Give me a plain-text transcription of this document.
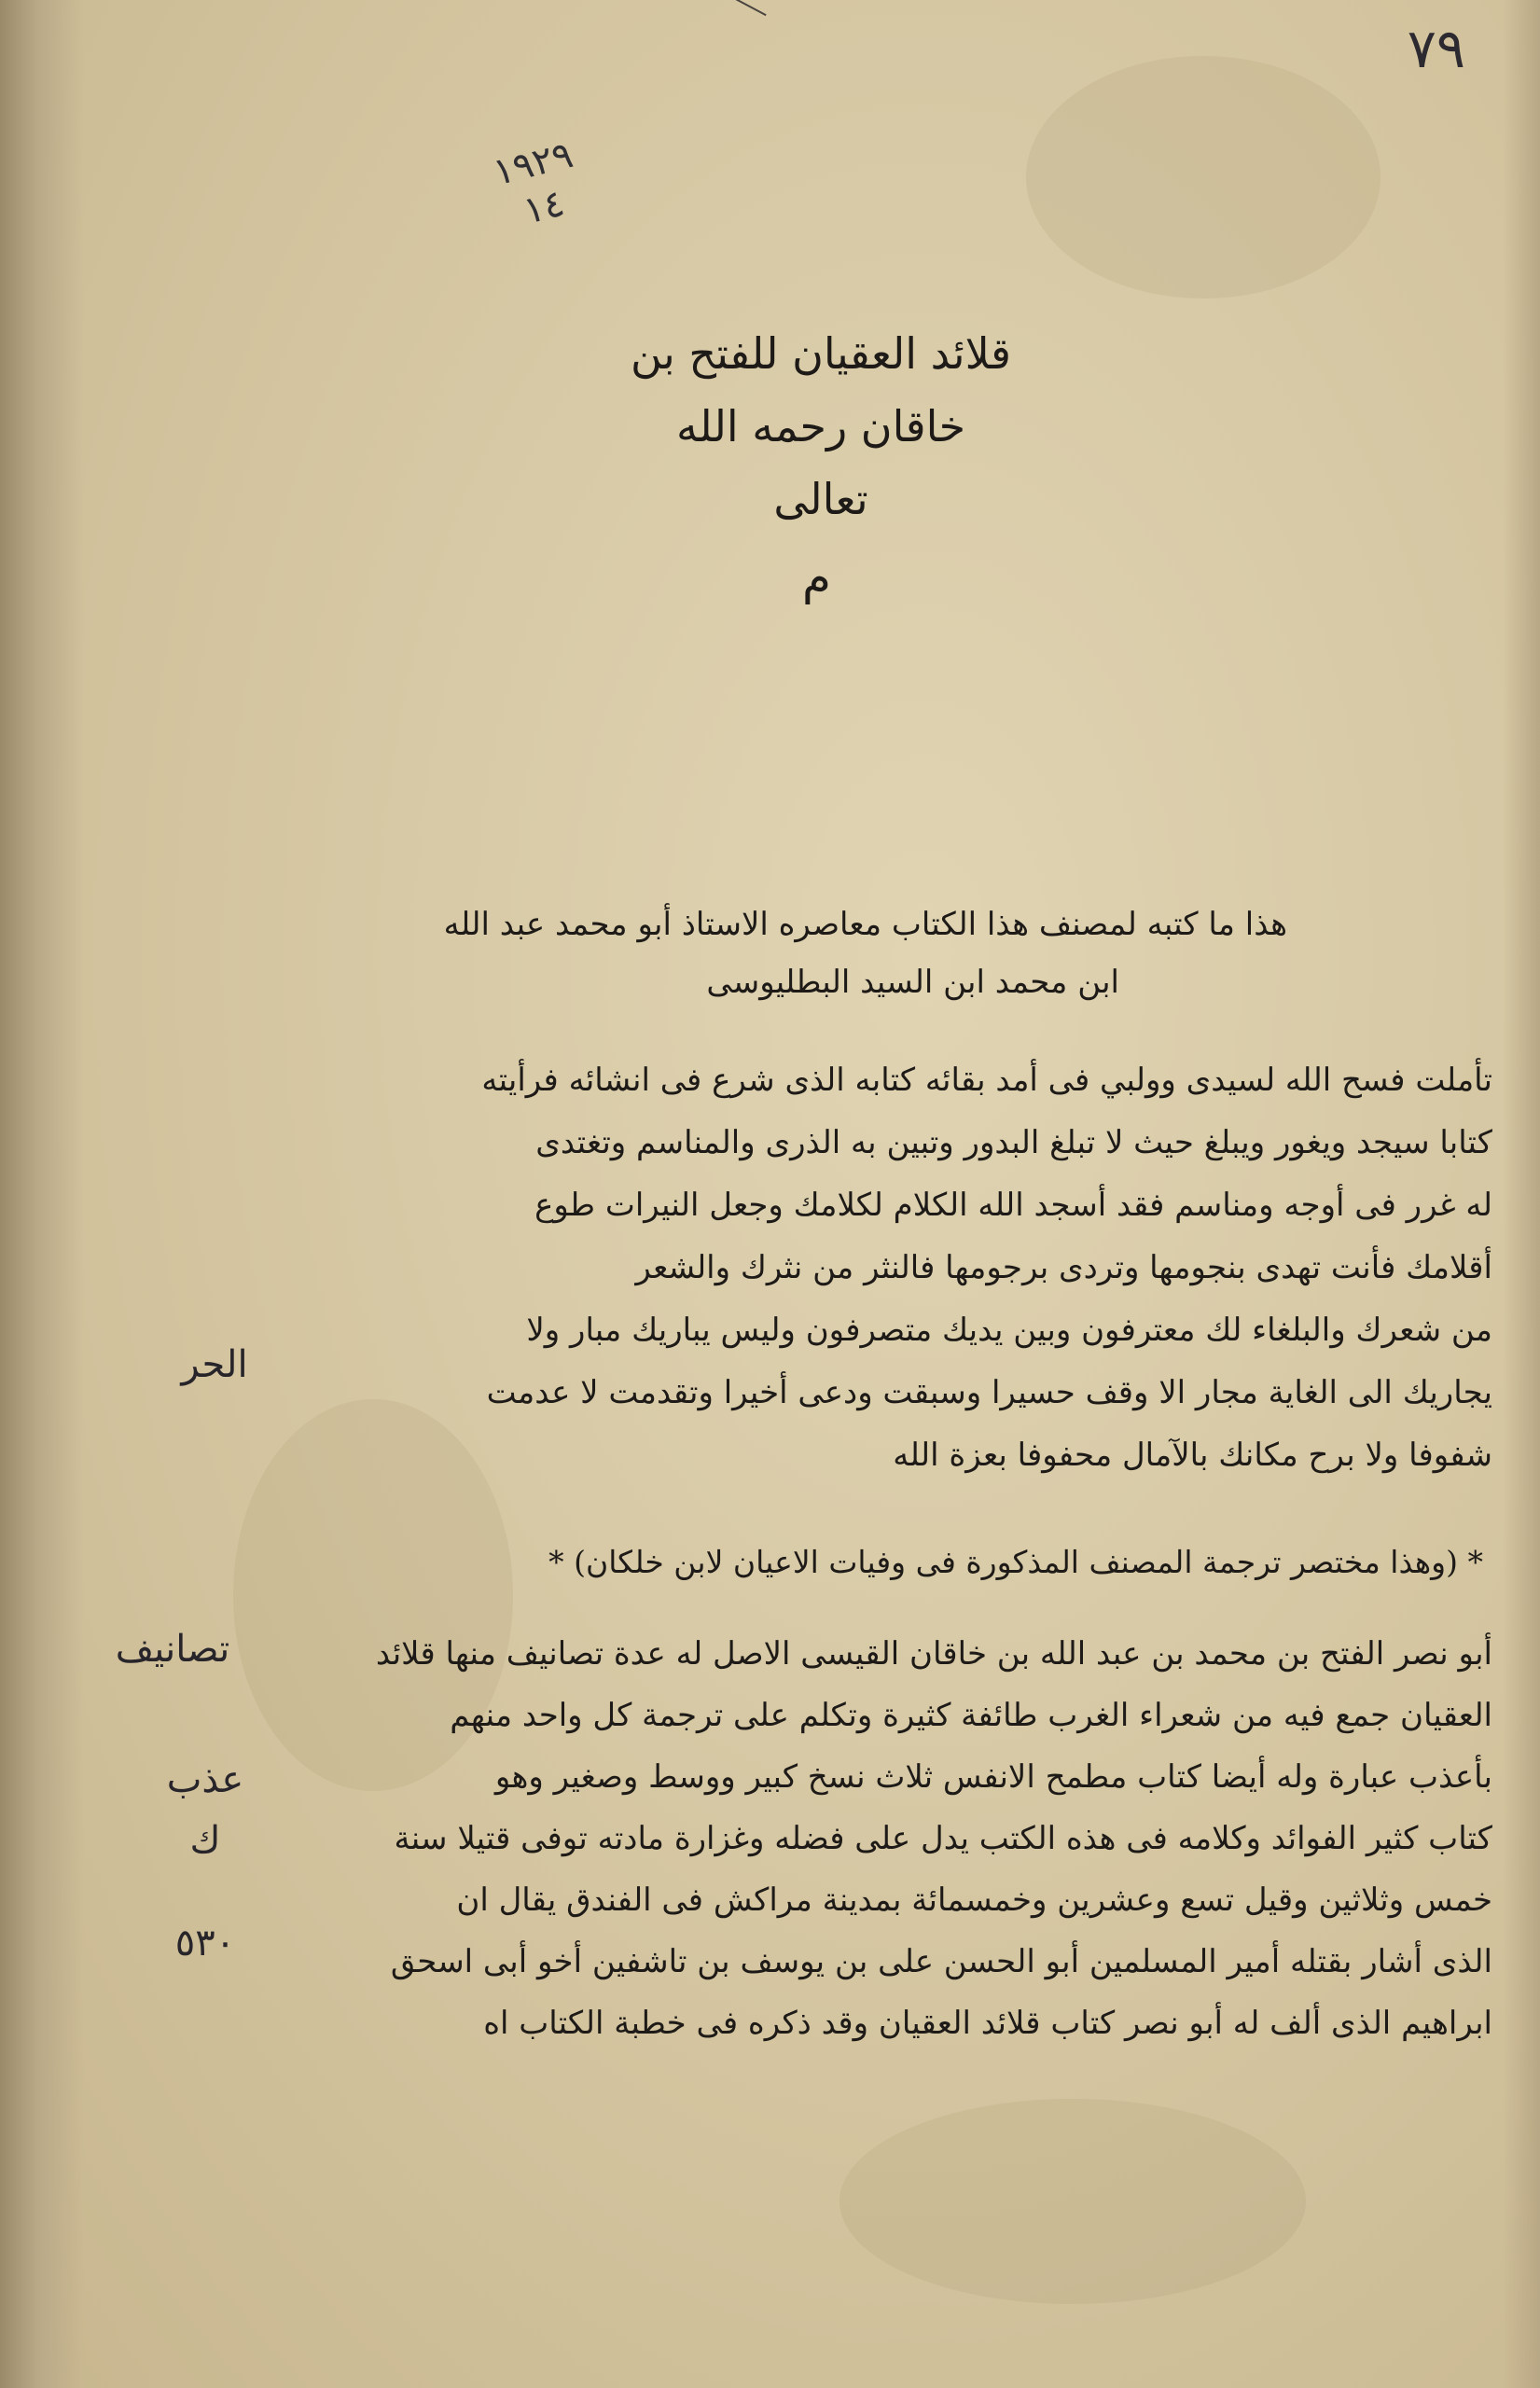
٧٩
١٩٢٩
١٤
قلائد العقيان للفتح بن
خاقان رحمه الله
تعالى
م
هذا ما كتبه لمصنف هذا الكتاب معاصره الاستاذ أبو محمد عبد الله
ابن محمد ابن السيد البطليوسى
تأملت فسح الله لسيدى وولبي فى أمد بقائه كتابه الذى شرع فى انشائه فرأيته
كتابا سيجد ويغور ويبلغ حيث لا تبلغ البدور وتبين به الذرى والمناسم وتغتدى
له غرر فى أوجه ومناسم فقد أسجد الله الكلام لكلامك وجعل النيرات طوع
أقلامك فأنت تهدى بنجومها وتردى برجومها فالنثر من نثرك والشعر
من شعرك والبلغاء لك معترفون وبين يديك متصرفون وليس يباريك مبار ولا
يجاريك الى الغاية مجار الا وقف حسيرا وسبقت ودعى أخيرا وتقدمت لا عدمت
شفوفا ولا برح مكانك بالآمال محفوفا بعزة الله
* (وهذا مختصر ترجمة المصنف المذكورة فى وفيات الاعيان لابن خلكان) *
أبو نصر الفتح بن محمد بن عبد الله بن خاقان القيسى الاصل له عدة تصانيف منها قلائد
العقيان جمع فيه من شعراء الغرب طائفة كثيرة وتكلم على ترجمة كل واحد منهم
بأعذب عبارة وله أيضا كتاب مطمح الانفس ثلاث نسخ كبير ووسط وصغير وهو
كتاب كثير الفوائد وكلامه فى هذه الكتب يدل على فضله وغزارة مادته توفى قتيلا سنة
خمس وثلاثين وقيل تسع وعشرين وخمسمائة بمدينة مراكش فى الفندق يقال ان
الذى أشار بقتله أمير المسلمين أبو الحسن على بن يوسف بن تاشفين أخو أبى اسحق
ابراهيم الذى ألف له أبو نصر كتاب قلائد العقيان وقد ذكره فى خطبة الكتاب اه
الحر
تصانيف
عذب
ك
٥٣٠
